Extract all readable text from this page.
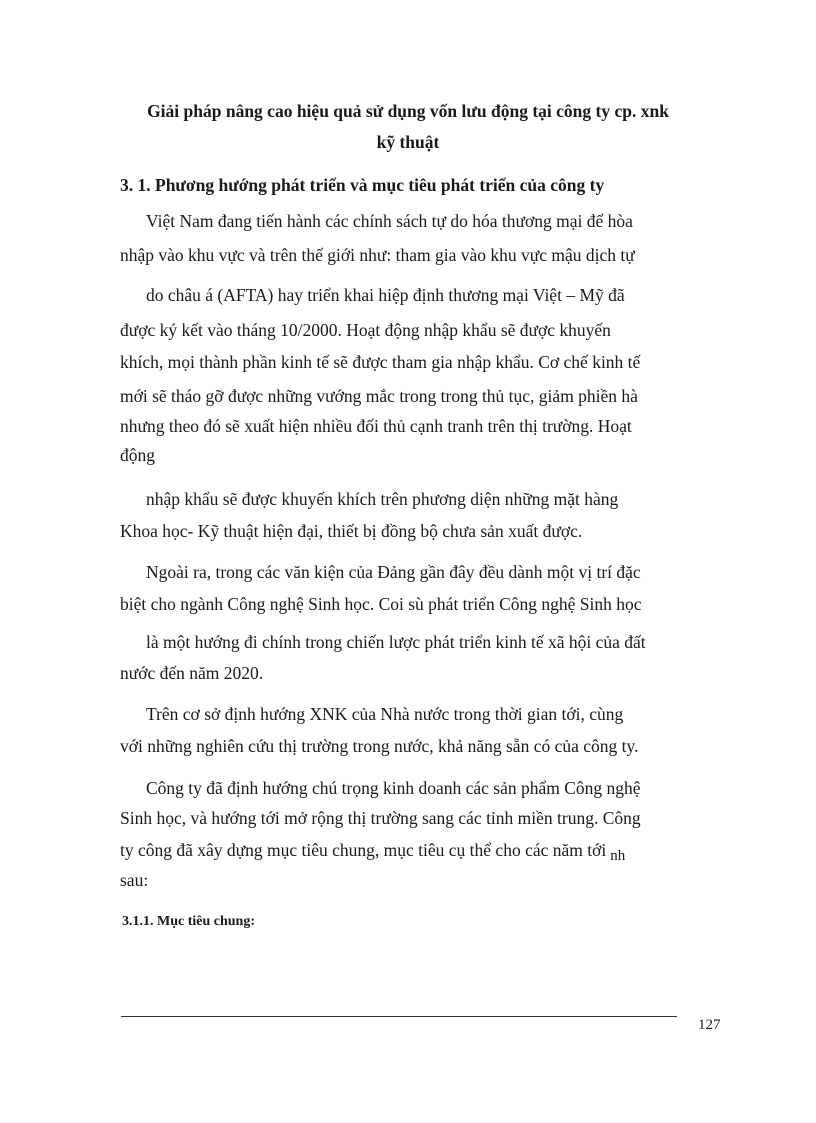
Giải pháp nâng cao hiệu quả sử dụng vốn lưu động tại công ty cp. xnk

kỹ thuật

3. 1. Phương hướng phát triển và mục tiêu phát triển của công ty

Việt Nam đang tiến hành các chính sách tự do hóa thương mại để hòa

nhập vào khu vực và trên thế giới như: tham gia vào khu vực mậu dịch tự

do châu á (AFTA) hay triển khai hiệp định thương mại Việt – Mỹ đã

được ký kết vào tháng 10/2000. Hoạt động nhập khẩu sẽ được khuyến

khích, mọi thành phần kinh tế sẽ được tham gia nhập khẩu. Cơ chế kinh tế

mới sẽ tháo gỡ được những vướng mắc trong trong thủ tục, giảm phiền hà

nhưng theo đó sẽ xuất hiện nhiều đối thủ cạnh tranh trên thị trường. Hoạt

động

nhập khẩu sẽ được khuyến khích trên phương diện những mặt hàng

Khoa học- Kỹ thuật hiện đại, thiết bị đồng bộ chưa sản xuất được.

Ngoài ra, trong các văn kiện của Đảng gần đây đều dành một vị trí đặc

biệt cho ngành Công nghệ Sinh học. Coi sù phát triển Công nghệ Sinh học

là một hướng đi chính trong chiến lược phát triển kinh tế xã hội của đất

nước đến năm 2020.

Trên cơ sở định hướng XNK của Nhà nước trong thời gian tới, cùng

với những nghiên cứu thị trường trong nước, khả năng sẵn có của công ty.

Công ty đã định hướng chú trọng kinh doanh các sản phẩm Công nghệ

Sinh học, và hướng tới mở rộng thị trường sang các tỉnh miền trung. Công

ty công đã xây dựng mục tiêu chung, mục tiêu cụ thể cho các năm tới nh

sau:

3.1.1. Mục tiêu chung:

127
